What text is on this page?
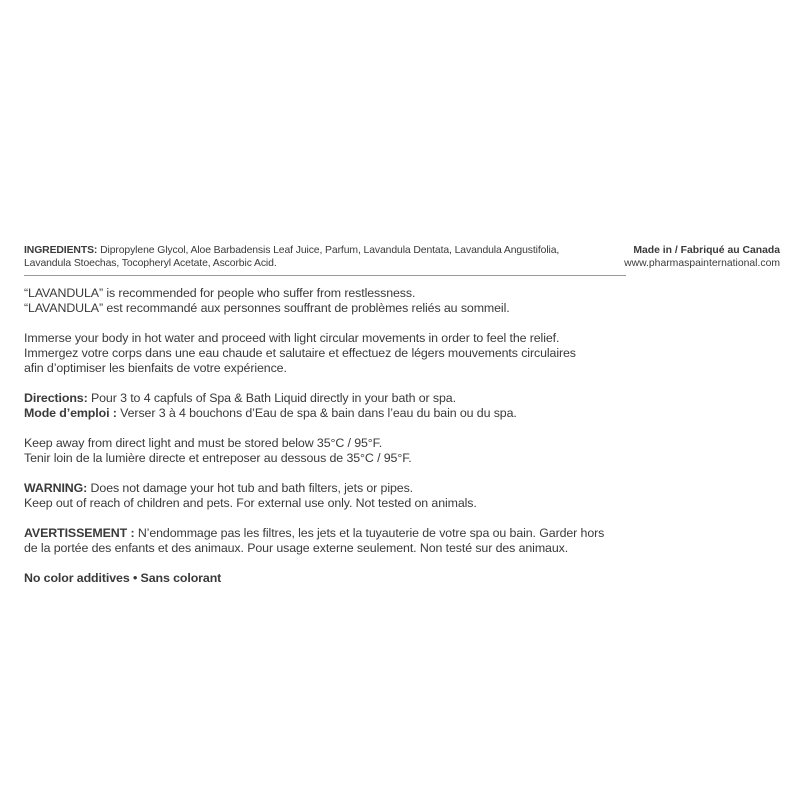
INGREDIENTS: Dipropylene Glycol, Aloe Barbadensis Leaf Juice, Parfum, Lavandula Dentata, Lavandula Angustifolia,
Lavandula Stoechas, Tocopheryl Acetate, Ascorbic Acid.
Made in / Fabriqué au Canada
www.pharmaspainternational.com

“LAVANDULA” is recommended for people who suffer from restlessness.
“LAVANDULA” est recommandé aux personnes souffrant de problèmes reliés au sommeil.

Immerse your body in hot water and proceed with light circular movements in order to feel the relief.
Immergez votre corps dans une eau chaude et salutaire et effectuez de légers mouvements circulaires
afin d’optimiser les bienfaits de votre expérience.

Directions: Pour 3 to 4 capfuls of Spa & Bath Liquid directly in your bath or spa.
Mode d’emploi : Verser 3 à 4 bouchons d’Eau de spa & bain dans l’eau du bain ou du spa.

Keep away from direct light and must be stored below 35°C / 95°F.
Tenir loin de la lumière directe et entreposer au dessous de 35°C / 95°F.

WARNING: Does not damage your hot tub and bath filters, jets or pipes.
Keep out of reach of children and pets. For external use only. Not tested on animals.

AVERTISSEMENT : N’endommage pas les filtres, les jets et la tuyauterie de votre spa ou bain. Garder hors
de la portée des enfants et des animaux. Pour usage externe seulement. Non testé sur des animaux.

No color additives • Sans colorant
